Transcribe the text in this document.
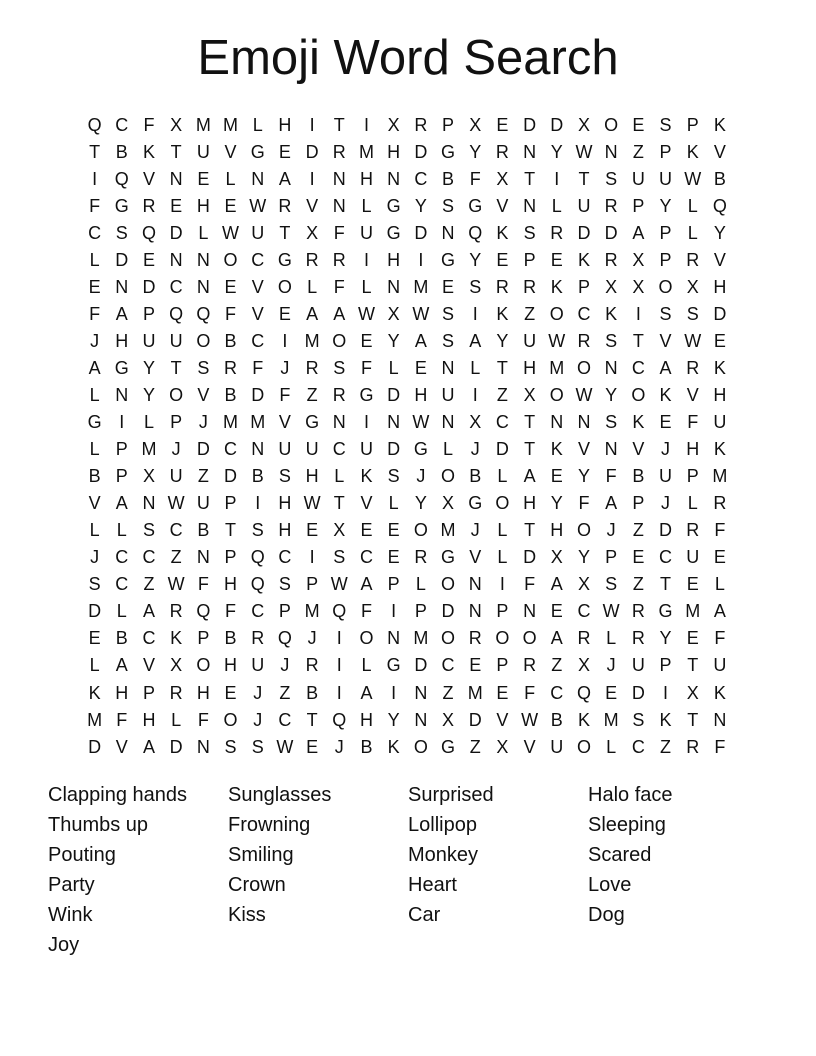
Emoji Word Search
Q C F X M M L H	I	T	I	X R P X E D D X O E S P K
T B K T U V G E D R M H D G Y R N Y W N Z P K V
I Q V N E L N A	I	N H N C B F X T	I	T S U U W B
F G R E H E W R V N L G Y S G V N L U R P Y L Q
C S Q D L W U T X F U G D N Q K S R D D A P L Y
L D E N N O C G R R	I	H	I G Y E P E K R X P R V
E N D C N E V O L F L N M E S R R K P X X O X H
F A P Q Q F V E A A W X W S	I	K Z O C K	I	S S D
J H U U O B C	I M O E Y A S A Y U W R S T V W E
A G Y T S R F J R S F L E N L T H M O N C A R K
L N Y O V B D F Z R G D H U	I	Z X O W Y O K V H
G I	L P J M M V G N	I	N W N X C T N N S K E F U
L P M J D C N U U C U D G L J D T K V N V J H K
B P X U Z D B S H L K S J O B L A E Y F B U P M
V A N W U P	I	H W T V L Y X G O H Y F A P J L R
L L S C B T S H E X E E O M J L T H O J Z D R F
J C C Z N P Q C	I	S C E R G V L D X Y P E C U E
S C Z W F H Q S P W A P L O N	I	F A X S Z T E L
D L A R Q F C P M Q F	I	P D N P N E C W R G M A
E B C K P B R Q J	I O N M O R O O A R L R Y E F
L A V X O H U J R	I	L G D C E P R Z X J U P T U
K H P R H E J Z B	I	A	I	N Z M E F C Q E D	I	X K
M F H L F O J C T Q H Y N X D V W B K M S K T N
D V A D N S S W E J B K O G Z X V U O L C Z R F
Clapping hands
Thumbs up
Pouting
Party
Wink
Joy
Sunglasses
Frowning
Smiling
Crown
Kiss
Surprised
Lollipop
Monkey
Heart
Car
Halo face
Sleeping
Scared
Love
Dog
